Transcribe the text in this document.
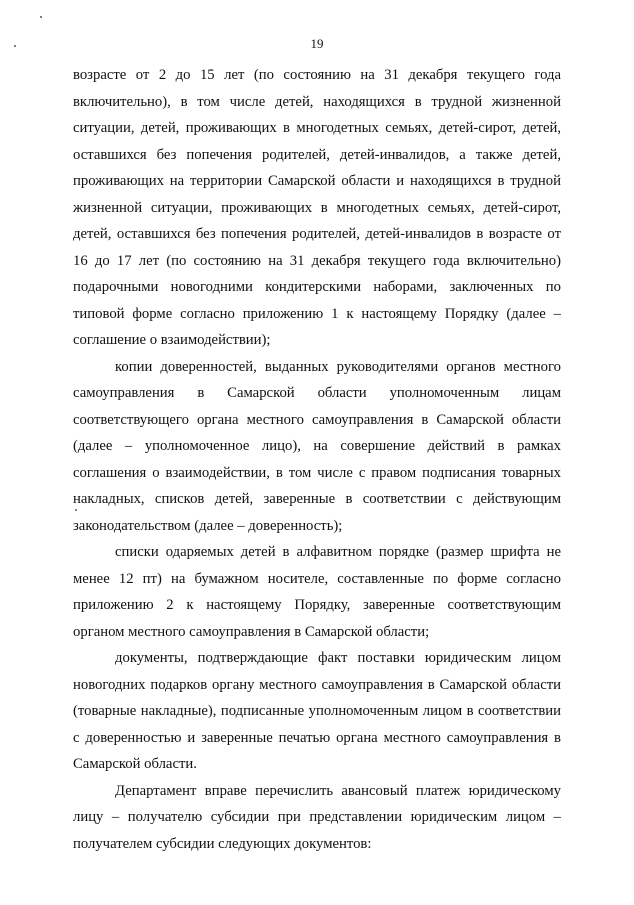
19

возрасте от 2 до 15 лет (по состоянию на 31 декабря текущего года включительно), в том числе детей, находящихся в трудной жизненной ситуации, детей, проживающих в многодетных семьях, детей-сирот, детей, оставшихся без попечения родителей, детей-инвалидов, а также детей, проживающих на территории Самарской области и находящихся в трудной жизненной ситуации, проживающих в многодетных семьях, детей-сирот, детей, оставшихся без попечения родителей, детей-инвалидов в возрасте от 16 до 17 лет (по состоянию на 31 декабря текущего года включительно) подарочными новогодними кондитерскими наборами, заключенных по типовой форме согласно приложению 1 к настоящему Порядку (далее – соглашение о взаимодействии);

копии доверенностей, выданных руководителями органов местного самоуправления в Самарской области уполномоченным лицам соответствующего органа местного самоуправления в Самарской области (далее – уполномоченное лицо), на совершение действий в рамках соглашения о взаимодействии, в том числе с правом подписания товарных накладных, списков детей, заверенные в соответствии с действующим законодательством (далее – доверенность);

списки одаряемых детей в алфавитном порядке (размер шрифта не менее 12 пт) на бумажном носителе, составленные по форме согласно приложению 2 к настоящему Порядку, заверенные соответствующим органом местного самоуправления в Самарской области;

документы, подтверждающие факт поставки юридическим лицом новогодних подарков органу местного самоуправления в Самарской области (товарные накладные), подписанные уполномоченным лицом в соответствии с доверенностью и заверенные печатью органа местного самоуправления в Самарской области.

Департамент вправе перечислить авансовый платеж юридическому лицу – получателю субсидии при представлении юридическим лицом – получателем субсидии следующих документов:
